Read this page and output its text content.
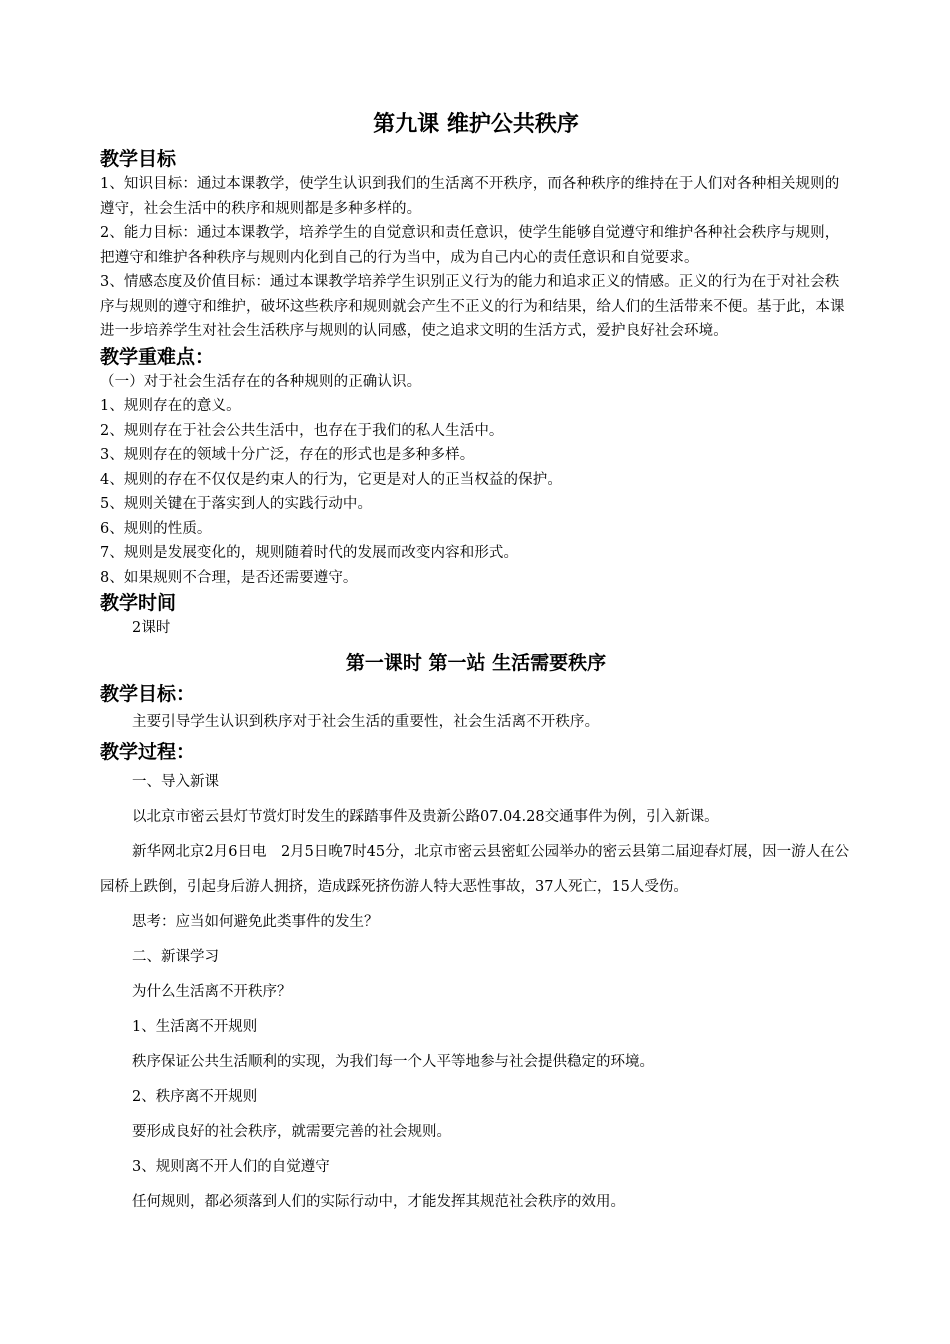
第九课 维护公共秩序
教学目标

1、知识目标：通过本课教学，使学生认识到我们的生活离不开秩序，而各种秩序的维持在于人们对各种相关规则的遵守，社会生活中的秩序和规则都是多种多样的。

2、能力目标：通过本课教学，培养学生的自觉意识和责任意识，使学生能够自觉遵守和维护各种社会秩序与规则，把遵守和维护各种秩序与规则内化到自己的行为当中，成为自己内心的责任意识和自觉要求。

3、情感态度及价值目标：通过本课教学培养学生识别正义行为的能力和追求正义的情感。正义的行为在于对社会秩序与规则的遵守和维护，破坏这些秩序和规则就会产生不正义的行为和结果，给人们的生活带来不便。基于此，本课进一步培养学生对社会生活秩序与规则的认同感，使之追求文明的生活方式，爱护良好社会环境。

教学重难点：

（一）对于社会生活存在的各种规则的正确认识。

1、规则存在的意义。

2、规则存在于社会公共生活中，也存在于我们的私人生活中。

3、规则存在的领域十分广泛，存在的形式也是多种多样。

4、规则的存在不仅仅是约束人的行为，它更是对人的正当权益的保护。

5、规则关键在于落实到人的实践行动中。

6、规则的性质。

7、规则是发展变化的，规则随着时代的发展而改变内容和形式。

8、如果规则不合理，是否还需要遵守。

教学时间

2课时

第一课时 第一站 生活需要秩序
教学目标：

主要引导学生认识到秩序对于社会生活的重要性，社会生活离不开秩序。

教学过程：

一、导入新课

以北京市密云县灯节赏灯时发生的踩踏事件及贵新公路07.04.28交通事件为例，引入新课。

新华网北京2月6日电　2月5日晚7时45分，北京市密云县密虹公园举办的密云县第二届迎春灯展，因一游人在公园桥上跌倒，引起身后游人拥挤，造成踩死挤伤游人特大恶性事故，37人死亡，15人受伤。

思考：应当如何避免此类事件的发生？

二、新课学习

为什么生活离不开秩序？

1、生活离不开规则

秩序保证公共生活顺利的实现，为我们每一个人平等地参与社会提供稳定的环境。

2、秩序离不开规则

要形成良好的社会秩序，就需要完善的社会规则。

3、规则离不开人们的自觉遵守

任何规则，都必须落到人们的实际行动中，才能发挥其规范社会秩序的效用。
